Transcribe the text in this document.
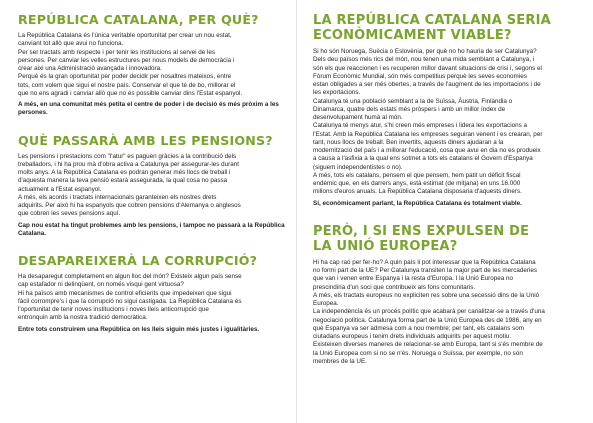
REPÚBLICA CATALANA, PER QUÈ?

La República Catalana és l'única veritable oportunitat per crear un nou estat,

canviant tot allò que avui no funciona.

Per ser tractats amb respecte i per tenir les institucions al servei de les

persones. Per canviar les velles estructures per nous models de democràcia i

crear aixi una Administració avançada i innovadora.

Perquè és la gran oportunitat per poder decidir per nosaltres mateixos, entre

tots, com volem que sigui el nostre país. Conservar el que té de bo, millorar el

que no ens agradi i canviar allò que no és possible canviar dins l'Estat espanyol.

A més, en una comunitat més petita el centre de poder i de decisió és més pròxim a les persones.

QUÈ PASSARÀ AMB LES PENSIONS?

Les pensions i prestacions com "l'atur" es paguen gràcies a la contribució dels

treballadors, i hi ha prou mà d'obra activa a Catalunya per assegurar-les durant

molts anys. A la República Catalana es podran generar més llocs de treball i

d'aquesta manera la teva pensió estarà assegurada, la qual cosa no passa

actualment a l'Estat espanyol.

A més, els acords i tractats internacionals garanteixen els nostres drets

adquirits. Per això hi ha espanyols que cobren pensions d'Alemanya o anglesos

que cobren les seves pensions aquí.

Cap nou estat ha tingut problemes amb les pensions, i tampoc no passarà a la República Catalana.

DESAPAREIXERÀ LA CORRUPCIÓ?

Ha desaparegut completament en algun lloc del món? Existeix algun país sense

cap estafador ni delinqüent, on només visqui gent virtuosa?

Hi ha països amb mecanismes de control eficients que impedeixen que sigui

fàcil corrompre's i que la corrupció no sigui castigada. La República Catalana és

l'oportunitat de tenir noves institucions i noves lleis anticorrupció que

entronquin amb la nostra tradició democràtica.

Entre tots construirem una República on les lleis siguin més justes i igualitàries.

LA REPÚBLICA CATALANA SERIA
ECONÒMICAMENT VIABLE?

Si ho són Noruega, Suècia o Eslovènia, per què no ho hauria de ser Catalunya?

Dels deu països més rics del món, nou tenen una mida semblant a Catalunya, i

són els que reaccionen i es recuperen millor davant situacions de crisi i, segons el

Fòrum Econòmic Mundial, són més competitius perquè les seves economies

estan obligades a ser més obertes, a través de l'augment de les importacions i de

les exportacions.

Catalunya té una població semblant a la de Suïssa, Àustria, Finlàndia o

Dinamarca, quatre dels estats més pròspers i amb un millor índex de

desenvolupament humà al món.

Catalunya té menys atur, s'hi creen més empreses i lidera les exportacions a

l'Estat. Amb la República Catalana les empreses seguiran venent i es crearan, per

tant, nous llocs de treball. Ben invertits, aquests diners ajudaran a la

modernització del país i a millorar l'educació, cosa que avui en dia no es produeix

a causa a l'asfixia a la qual ens sotmet a tots els catalans el Govern d'Espanya

(siguem independentistes o no).

A més, tots els catalans, pensem el que pensem, hem patit un dèficit fiscal

endèmic que, en els darrers anys, està estimat (de mitjana) en uns 16.000

milions d'euros anuals. La República Catalana disposaria d'aquests diners.

Sí, econòmicament parlant, la República Catalana és totalment viable.

PERÒ, I SI ENS EXPULSEN DE
LA UNIÓ EUROPEA?

Hi ha cap raó per fer-ho? A quin país li pot interessar que la República Catalana

no formi part de la UE? Per Catalunya transiten la major part de les mercaderies

que van i venen entre Espanya i la resta d'Europa. I la Unió Europea no

prescindiria d'un soci que contribueix als fons comunitaris.

A més, els tractats europeus no expliciten res sobre una secessió dins de la Unió

Europea.

La independència és un procés polític que acabarà per canalitzar-se a través d'una

negociació política. Catalunya forma part de la Unió Europea des de 1986, any en

què Espanya va ser admesa com a nou membre; per tant, els catalans som

ciutadans europeus i tenim drets individuals adquirits per aquest motiu.

Existeixen diverses maneres de relacionar-se amb Europa, tant si s'és membre de

la Unió Europea com si no se n'és. Noruega o Suïssa, per exemple, no són

membres de la UE.
